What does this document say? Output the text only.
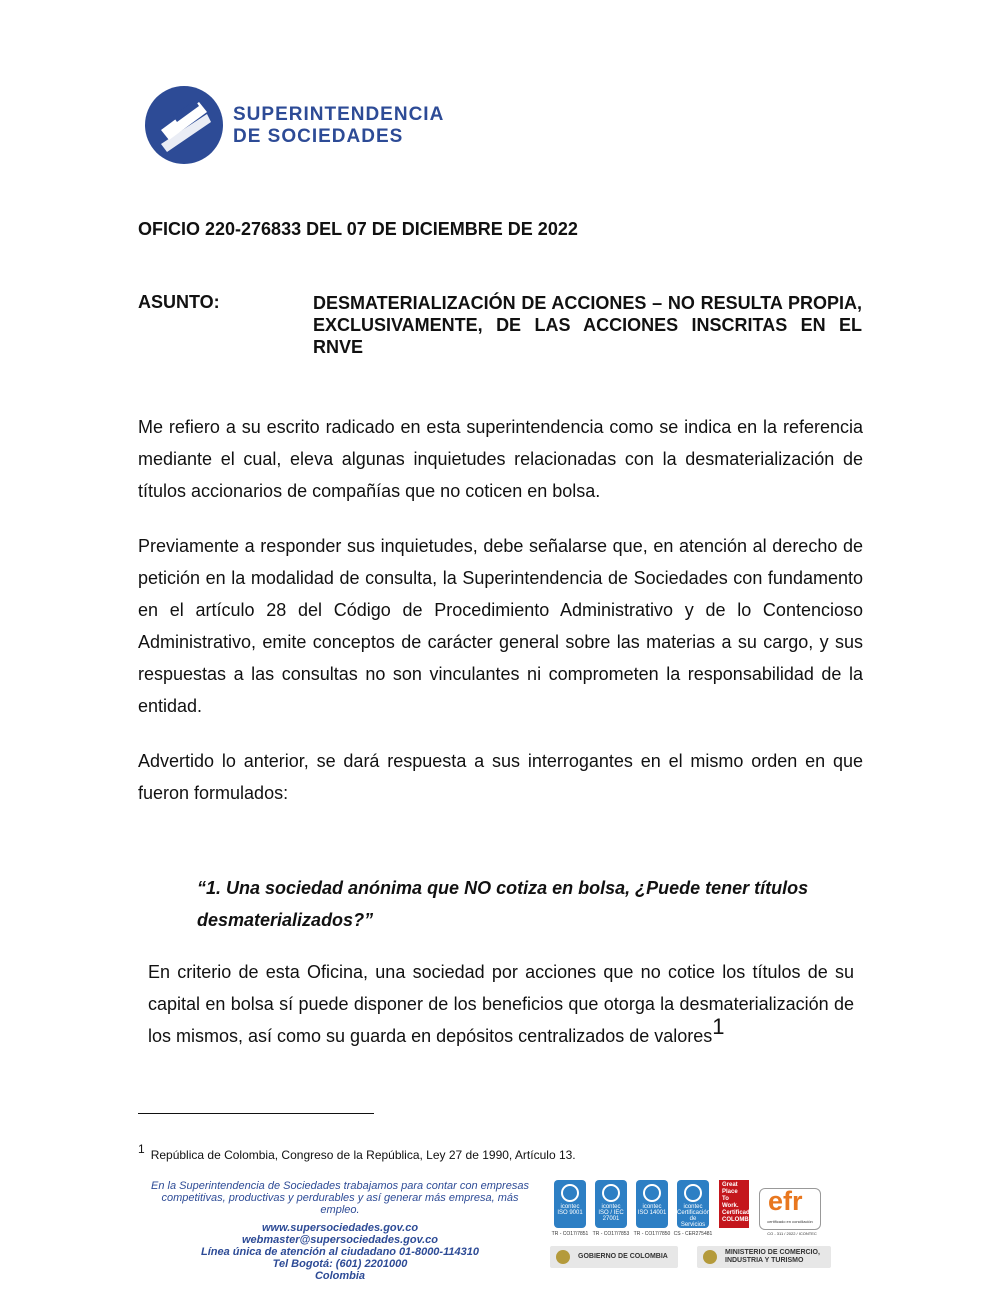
SUPERINTENDENCIA
DE SOCIEDADES
OFICIO 220-276833 DEL 07 DE DICIEMBRE DE 2022
ASUNTO:	DESMATERIALIZACIÓN DE ACCIONES – NO RESULTA PROPIA, EXCLUSIVAMENTE, DE LAS ACCIONES INSCRITAS EN EL RNVE
Me refiero a su escrito radicado en esta superintendencia como se indica en la referencia mediante el cual, eleva algunas inquietudes relacionadas con la desmaterialización de títulos accionarios de compañías que no coticen en bolsa.
Previamente a responder sus inquietudes, debe señalarse que, en atención al derecho de petición en la modalidad de consulta, la Superintendencia de Sociedades con fundamento en el artículo 28 del Código de Procedimiento Administrativo y de lo Contencioso Administrativo, emite conceptos de carácter general sobre las materias a su cargo, y sus respuestas a las consultas no son vinculantes ni comprometen la responsabilidad de la entidad.
Advertido lo anterior, se dará respuesta a sus interrogantes en el mismo orden en que fueron formulados:
“1. Una sociedad anónima que NO cotiza en bolsa, ¿Puede tener títulos desmaterializados?”
En criterio de esta Oficina, una sociedad por acciones que no cotice los títulos de su capital en bolsa sí puede disponer de los beneficios que otorga la desmaterialización de los mismos, así como su guarda en depósitos centralizados de valores$^1$
$^1$ República de Colombia, Congreso de la República, Ley 27 de 1990, Artículo 13.
En la Superintendencia de Sociedades trabajamos para contar con empresas
competitivas, productivas y perdurables y así generar más empresa, más empleo.
www.supersociedades.gov.co
webmaster@supersociedades.gov.co
Línea única de atención al ciudadano 01-8000-114310
Tel Bogotá: (601) 2201000
Colombia
icontec
ISO 9001
icontec
ISO / IEC 27001
icontec
ISO 14001
icontec
Certificación de Servicios
TR - CO17/7851 TR - CO17/7853 TR - CO17/7850 CS - CER275481
Great Place To Work. Certificado COLOMBIA
efr
certificado en conciliación
CO - 311 / 2022 / ICONTEC
GOBIERNO DE COLOMBIA
MINISTERIO DE COMERCIO,
INDUSTRIA Y TURISMO
